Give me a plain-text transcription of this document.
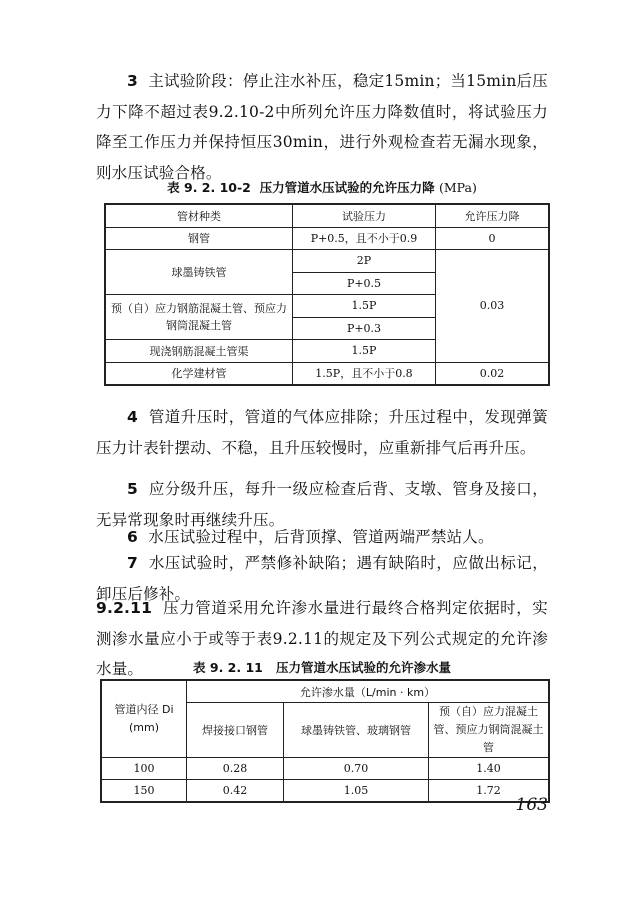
3 主试验阶段：停止注水补压，稳定15min；当15min后压力下降不超过表9.2.10-2中所列允许压力降数值时，将试验压力降至工作压力并保持恒压30min，进行外观检查若无漏水现象，则水压试验合格。

表 9. 2. 10-2 压力管道水压试验的允许压力降 (MPa)
管材种类	试验压力	允许压力降
钢管	P+0.5，且不小于0.9	0
球墨铸铁管	2P	0.03
	P+0.5	
预（自）应力钢筋混凝土管、预应力钢筒混凝土管	1.5P	
	P+0.3	
现浇钢筋混凝土管渠	1.5P	
化学建材管	1.5P，且不小于0.8	0.02

4 管道升压时，管道的气体应排除；升压过程中，发现弹簧压力计表针摆动、不稳，且升压较慢时，应重新排气后再升压。

5 应分级升压，每升一级应检查后背、支墩、管身及接口，无异常现象时再继续升压。

6 水压试验过程中，后背顶撑、管道两端严禁站人。

7 水压试验时，严禁修补缺陷；遇有缺陷时，应做出标记，卸压后修补。

9.2.11 压力管道采用允许渗水量进行最终合格判定依据时，实测渗水量应小于或等于表9.2.11的规定及下列公式规定的允许渗水量。	表 9. 2. 11 压力管道水压试验的允许渗水量
管道内径 Di
(mm)	允许渗水量（L/min · km）		
	焊接接口钢管	球墨铸铁管、玻璃钢管	预（自）应力混凝土管、预应力钢筒混凝土管
100	0.28	0.70	1.40
150	0.42	1.05	1.72
163
